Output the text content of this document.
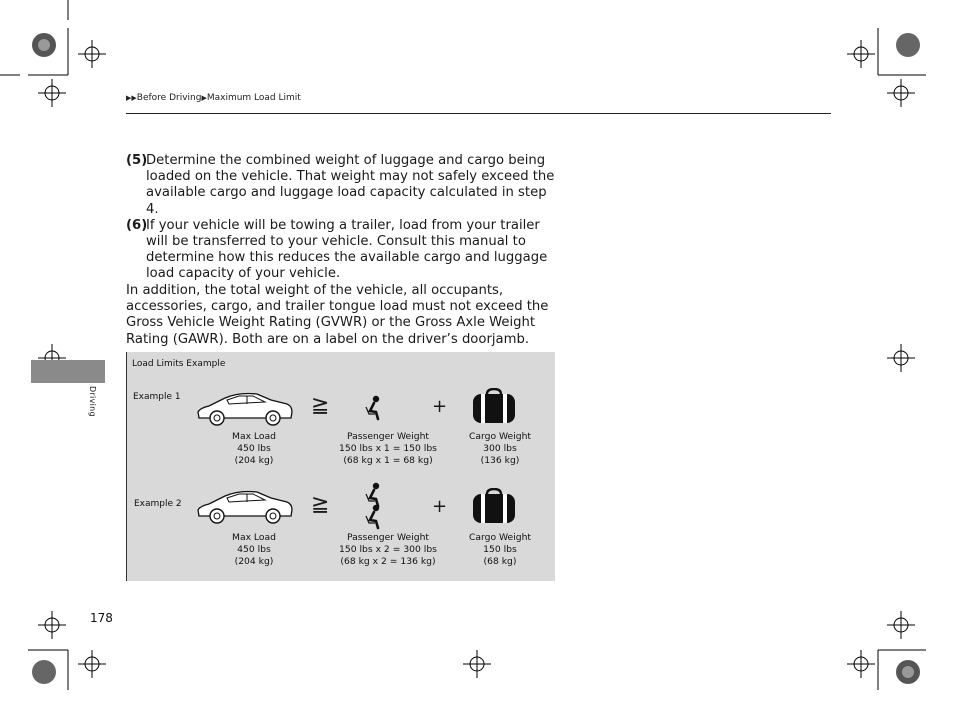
▶▶Before Driving▶Maximum Load Limit
(5)
Determine the combined weight of luggage and cargo being loaded on the vehicle. That weight may not safely exceed the available cargo and luggage load capacity calculated in step 4.
(6)
If your vehicle will be towing a trailer, load from your trailer will be transferred to your vehicle. Consult this manual to determine how this reduces the available cargo and luggage load capacity of your vehicle.
In addition, the total weight of the vehicle, all occupants, accessories, cargo, and trailer tongue load must not exceed the Gross Vehicle Weight Rating (GVWR) or the Gross Axle Weight Rating (GAWR). Both are on a label on the driver’s doorjamb.
Driving
Load Limits Example
Example 1	≧	+
Max Load
450 lbs
(204 kg)
Passenger Weight
150 lbs x 1 = 150 lbs
(68 kg x 1 = 68 kg)
Cargo Weight
300 lbs
(136 kg)
Example 2	≧	+
Max Load
450 lbs
(204 kg)
Passenger Weight
150 lbs x 2 = 300 lbs
(68 kg x 2 = 136 kg)
Cargo Weight
150 lbs
(68 kg)
178
